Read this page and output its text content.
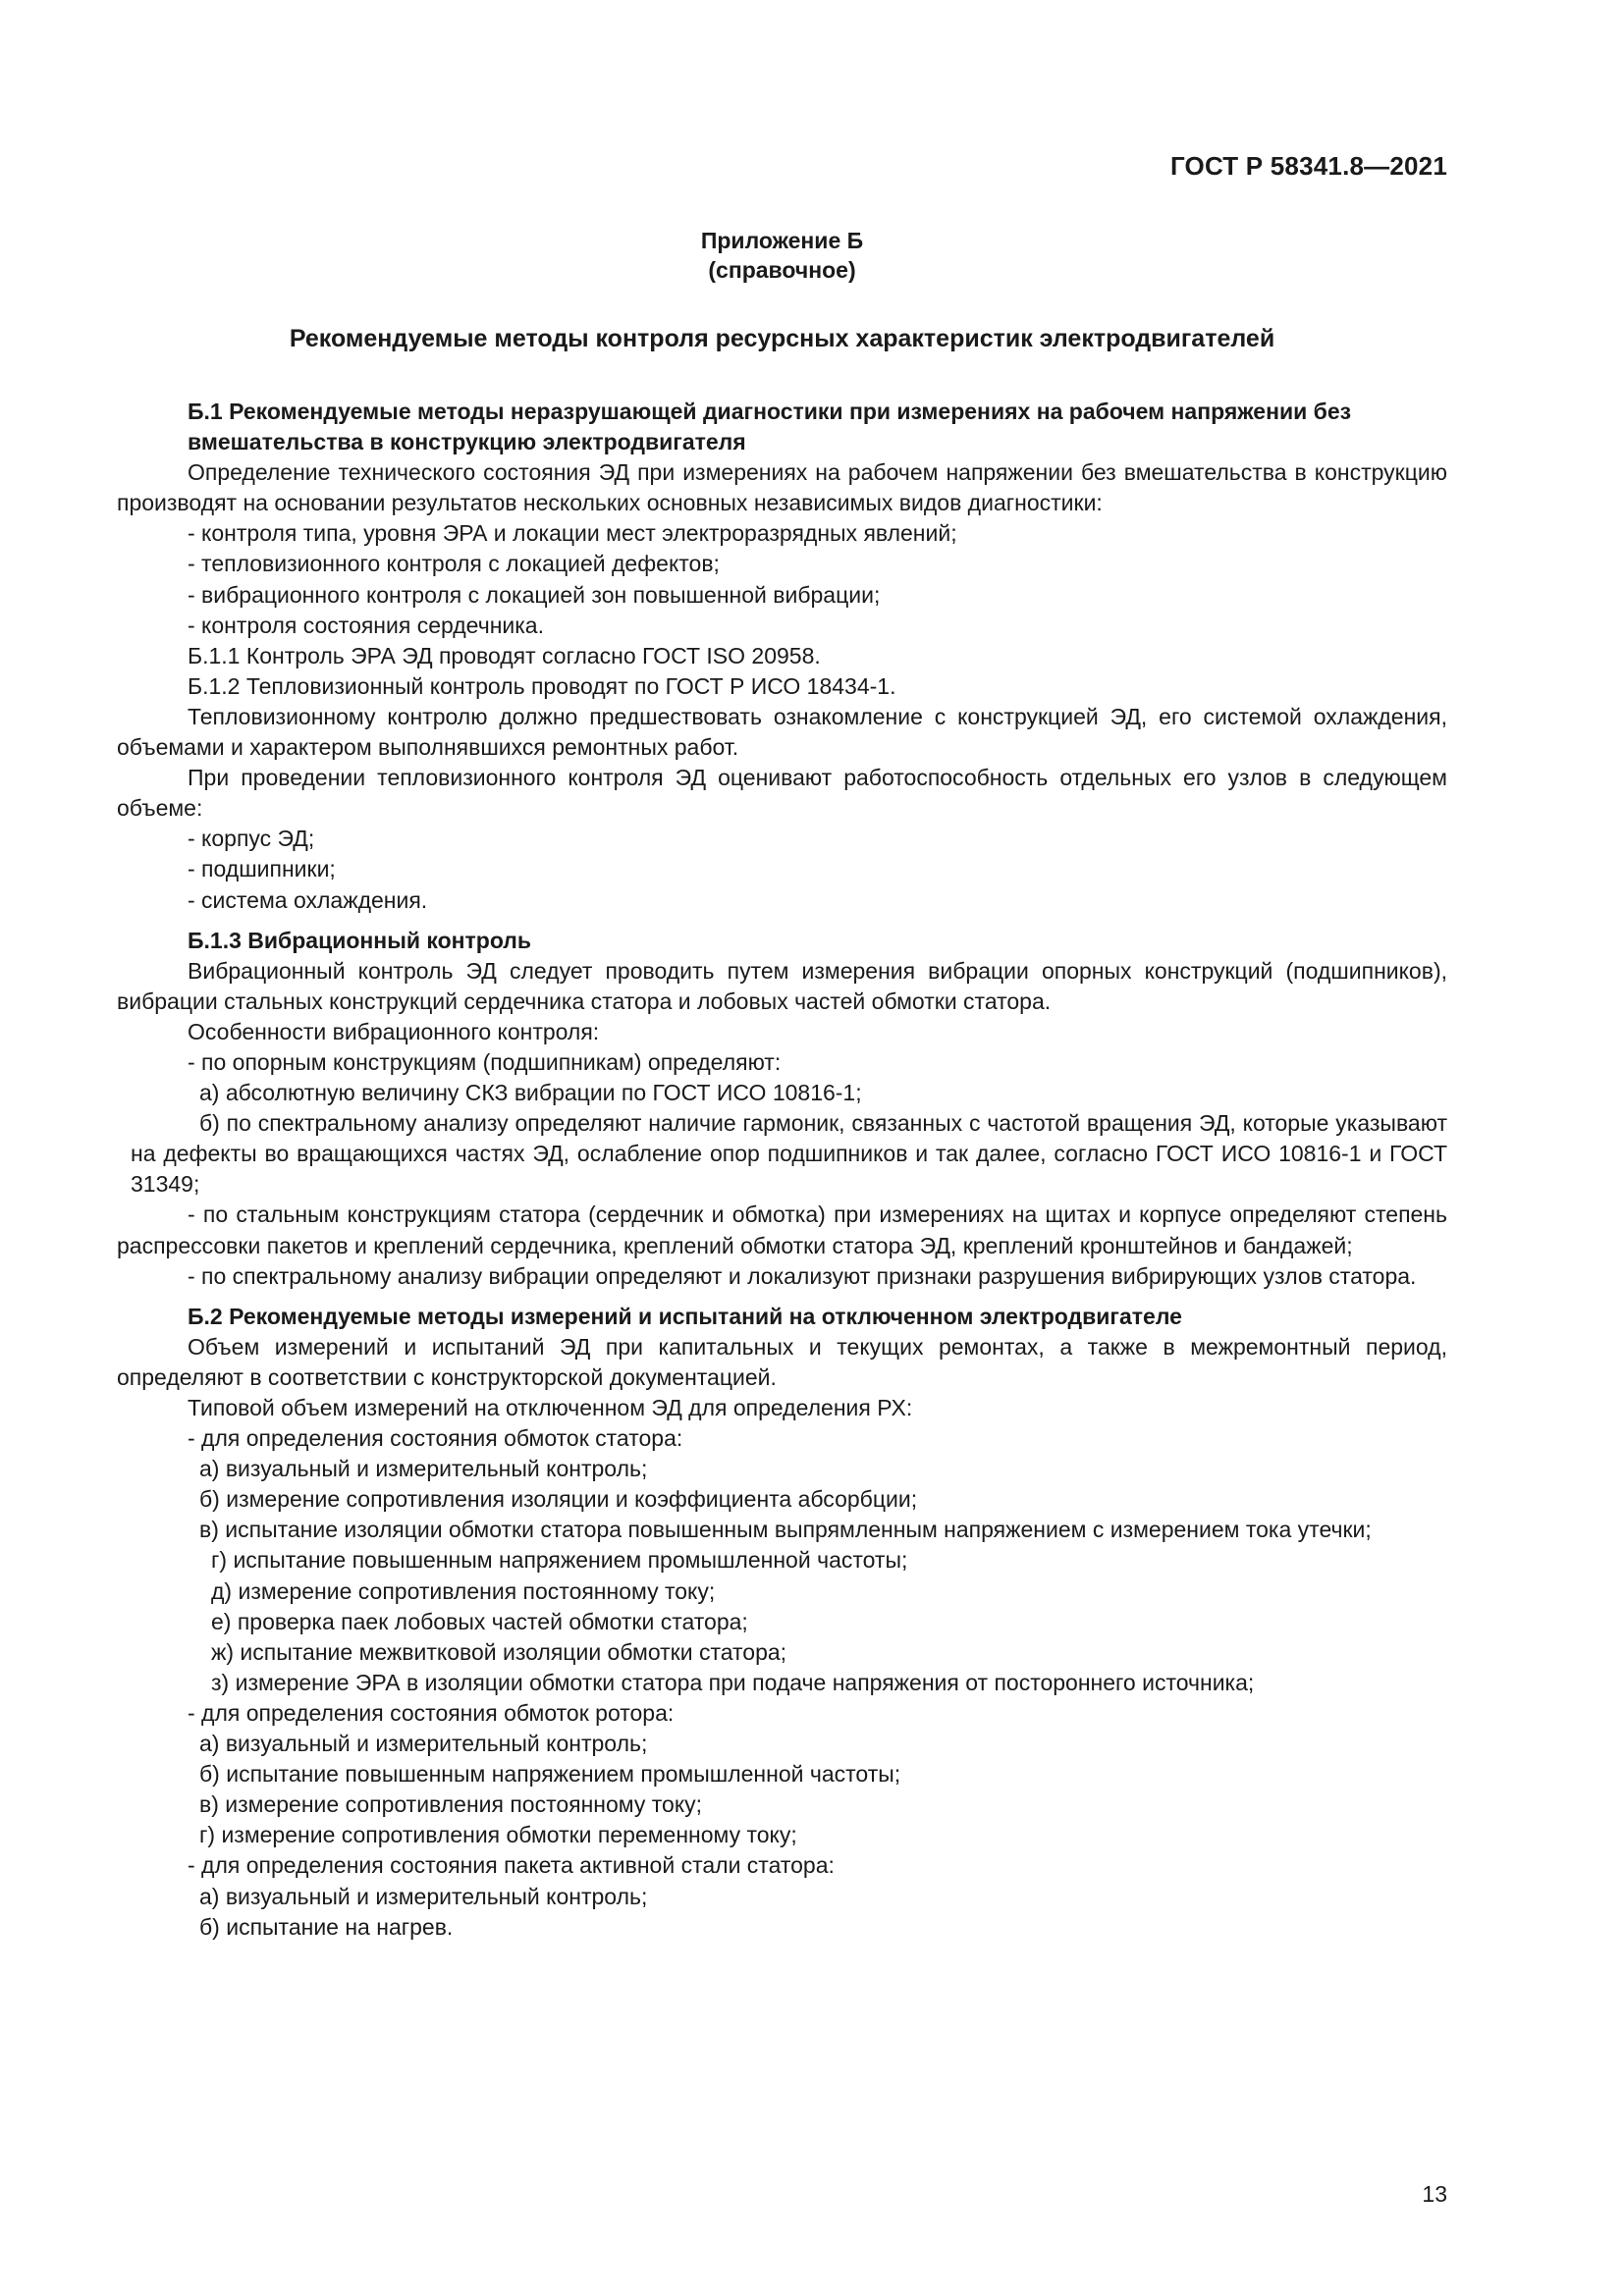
ГОСТ Р 58341.8—2021
Приложение Б
(справочное)
Рекомендуемые методы контроля ресурсных характеристик электродвигателей

Б.1 Рекомендуемые методы неразрушающей диагностики при измерениях на рабочем напряжении без вмешательства в конструкцию электродвигателя

Определение технического состояния ЭД при измерениях на рабочем напряжении без вмешательства в конструкцию производят на основании результатов нескольких основных независимых видов диагностики:

- контроля типа, уровня ЭРА и локации мест электроразрядных явлений;

- тепловизионного контроля с локацией дефектов;

- вибрационного контроля с локацией зон повышенной вибрации;

- контроля состояния сердечника.

Б.1.1 Контроль ЭРА ЭД проводят согласно ГОСТ ISO 20958.

Б.1.2 Тепловизионный контроль проводят по ГОСТ Р ИСО 18434-1.

Тепловизионному контролю должно предшествовать ознакомление с конструкцией ЭД, его системой охлаждения, объемами и характером выполнявшихся ремонтных работ.

При проведении тепловизионного контроля ЭД оценивают работоспособность отдельных его узлов в следующем объеме:

- корпус ЭД;

- подшипники;

- система охлаждения.

Б.1.3 Вибрационный контроль

Вибрационный контроль ЭД следует проводить путем измерения вибрации опорных конструкций (подшипников), вибрации стальных конструкций сердечника статора и лобовых частей обмотки статора.

Особенности вибрационного контроля:

- по опорным конструкциям (подшипникам) определяют:

а) абсолютную величину СКЗ вибрации по ГОСТ ИСО 10816-1;

б) по спектральному анализу определяют наличие гармоник, связанных с частотой вращения ЭД, которые указывают на дефекты во вращающихся частях ЭД, ослабление опор подшипников и так далее, согласно ГОСТ ИСО 10816-1 и ГОСТ 31349;

- по стальным конструкциям статора (сердечник и обмотка) при измерениях на щитах и корпусе определяют степень распрессовки пакетов и креплений сердечника, креплений обмотки статора ЭД, креплений кронштейнов и бандажей;

- по спектральному анализу вибрации определяют и локализуют признаки разрушения вибрирующих узлов статора.

Б.2 Рекомендуемые методы измерений и испытаний на отключенном электродвигателе

Объем измерений и испытаний ЭД при капитальных и текущих ремонтах, а также в межремонтный период, определяют в соответствии с конструкторской документацией.

Типовой объем измерений на отключенном ЭД для определения РХ:

- для определения состояния обмоток статора:

а) визуальный и измерительный контроль;

б) измерение сопротивления изоляции и коэффициента абсорбции;

в) испытание изоляции обмотки статора повышенным выпрямленным напряжением с измерением тока утечки;

г) испытание повышенным напряжением промышленной частоты;

д) измерение сопротивления постоянному току;

е) проверка паек лобовых частей обмотки статора;

ж) испытание межвитковой изоляции обмотки статора;

з) измерение ЭРА в изоляции обмотки статора при подаче напряжения от постороннего источника;

- для определения состояния обмоток ротора:

а) визуальный и измерительный контроль;

б) испытание повышенным напряжением промышленной частоты;

в) измерение сопротивления постоянному току;

г) измерение сопротивления обмотки переменному току;

- для определения состояния пакета активной стали статора:

а) визуальный и измерительный контроль;

б) испытание на нагрев.

13
